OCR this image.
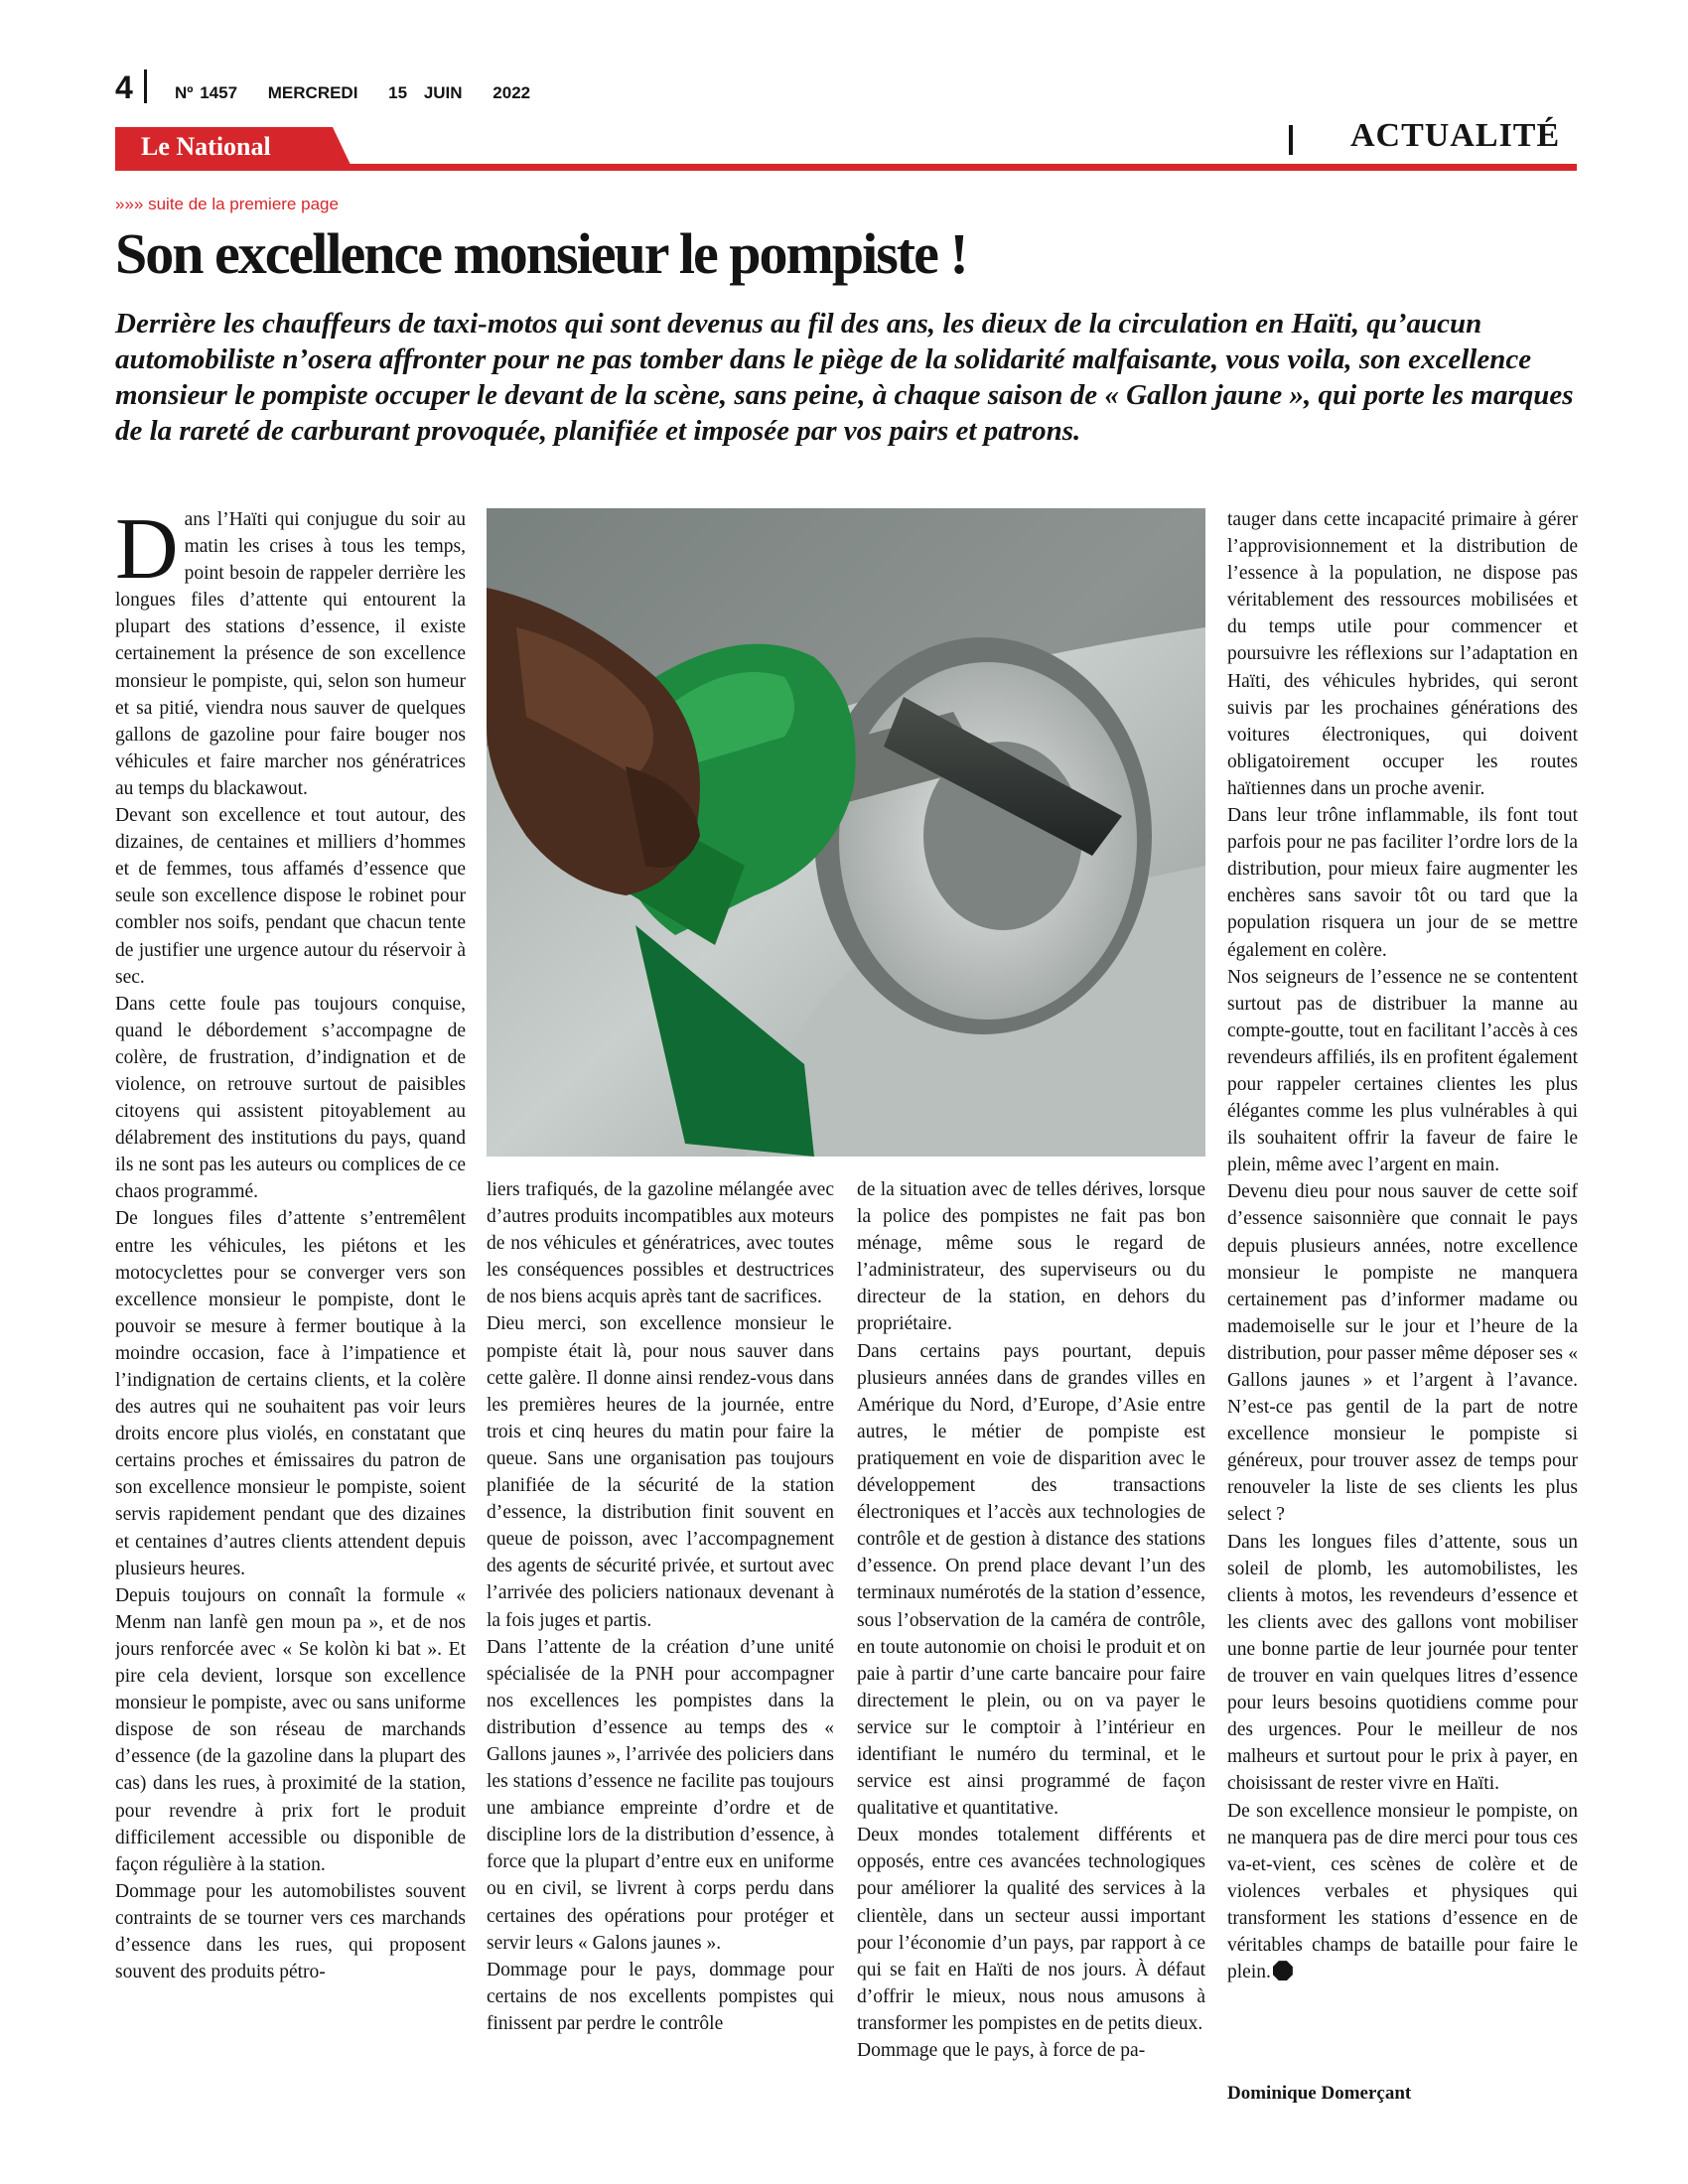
4 Nº 1457 MERCREDI 15 JUIN 2022
Le National	ACTUALITÉ
»»» suite de la premiere page
Son excellence monsieur le pompiste !

Derrière les chauffeurs de taxi-motos qui sont devenus au fil des ans, les dieux de la circulation en Haïti, qu’aucun automobiliste n’osera affronter pour ne pas tomber dans le piège de la solidarité malfaisante, vous voila, son excellence monsieur le pompiste occuper le devant de la scène, sans peine, à chaque saison de « Gallon jaune », qui porte les marques de la rareté de carburant provoquée, planifiée et imposée par vos pairs et patrons.

Dans l’Haïti qui conjugue du soir au matin les crises à tous les temps, point besoin de rappeler derrière les longues files d’attente qui entourent la plupart des stations d’essence, il existe certainement la présence de son excellence monsieur le pompiste, qui, selon son humeur et sa pitié, viendra nous sauver de quelques gallons de gazoline pour faire bouger nos véhicules et faire marcher nos génératrices au temps du blackawout.

Devant son excellence et tout autour, des dizaines, de centaines et milliers d’hommes et de femmes, tous affamés d’essence que seule son excellence dispose le robinet pour combler nos soifs, pendant que chacun tente de justifier une urgence autour du réservoir à sec.

Dans cette foule pas toujours conquise, quand le débordement s’accompagne de colère, de frustration, d’indignation et de violence, on retrouve surtout de paisibles citoyens qui assistent pitoyablement au délabrement des institutions du pays, quand ils ne sont pas les auteurs ou complices de ce chaos programmé.

De longues files d’attente s’entremêlent entre les véhicules, les piétons et les motocyclettes pour se converger vers son excellence monsieur le pompiste, dont le pouvoir se mesure à fermer boutique à la moindre occasion, face à l’impatience et l’indignation de certains clients, et la colère des autres qui ne souhaitent pas voir leurs droits encore plus violés, en constatant que certains proches et émissaires du patron de son excellence monsieur le pompiste, soient servis rapidement pendant que des dizaines et centaines d’autres clients attendent depuis plusieurs heures.

Depuis toujours on connaît la formule « Menm nan lanfè gen moun pa », et de nos jours renforcée avec « Se kolòn ki bat ». Et pire cela devient, lorsque son excellence monsieur le pompiste, avec ou sans uniforme dispose de son réseau de marchands d’essence (de la gazoline dans la plupart des cas) dans les rues, à proximité de la station, pour revendre à prix fort le produit difficilement accessible ou disponible de façon régulière à la station.

Dommage pour les automobilistes souvent contraints de se tourner vers ces marchands d’essence dans les rues, qui proposent souvent des produits pétro-

liers trafiqués, de la gazoline mélangée avec d’autres produits incompatibles aux moteurs de nos véhicules et génératrices, avec toutes les conséquences possibles et destructrices de nos biens acquis après tant de sacrifices.

Dieu merci, son excellence monsieur le pompiste était là, pour nous sauver dans cette galère. Il donne ainsi rendez-vous dans les premières heures de la journée, entre trois et cinq heures du matin pour faire la queue. Sans une organisation pas toujours planifiée de la sécurité de la station d’essence, la distribution finit souvent en queue de poisson, avec l’accompagnement des agents de sécurité privée, et surtout avec l’arrivée des policiers nationaux devenant à la fois juges et partis.

Dans l’attente de la création d’une unité spécialisée de la PNH pour accompagner nos excellences les pompistes dans la distribution d’essence au temps des « Gallons jaunes », l’arrivée des policiers dans les stations d’essence ne facilite pas toujours une ambiance empreinte d’ordre et de discipline lors de la distribution d’essence, à force que la plupart d’entre eux en uniforme ou en civil, se livrent à corps perdu dans certaines des opérations pour protéger et servir leurs « Galons jaunes ».

Dommage pour le pays, dommage pour certains de nos excellents pompistes qui finissent par perdre le contrôle

de la situation avec de telles dérives, lorsque la police des pompistes ne fait pas bon ménage, même sous le regard de l’administrateur, des superviseurs ou du directeur de la station, en dehors du propriétaire.

Dans certains pays pourtant, depuis plusieurs années dans de grandes villes en Amérique du Nord, d’Europe, d’Asie entre autres, le métier de pompiste est pratiquement en voie de disparition avec le développement des transactions électroniques et l’accès aux technologies de contrôle et de gestion à distance des stations d’essence. On prend place devant l’un des terminaux numérotés de la station d’essence, sous l’observation de la caméra de contrôle, en toute autonomie on choisi le produit et on paie à partir d’une carte bancaire pour faire directement le plein, ou on va payer le service sur le comptoir à l’intérieur en identifiant le numéro du terminal, et le service est ainsi programmé de façon qualitative et quantitative.

Deux mondes totalement différents et opposés, entre ces avancées technologiques pour améliorer la qualité des services à la clientèle, dans un secteur aussi important pour l’économie d’un pays, par rapport à ce qui se fait en Haïti de nos jours. À défaut d’offrir le mieux, nous nous amusons à transformer les pompistes en de petits dieux.

Dommage que le pays, à force de pa-

tauger dans cette incapacité primaire à gérer l’approvisionnement et la distribution de l’essence à la population, ne dispose pas véritablement des ressources mobilisées et du temps utile pour commencer et poursuivre les réflexions sur l’adaptation en Haïti, des véhicules hybrides, qui seront suivis par les prochaines générations des voitures électroniques, qui doivent obligatoirement occuper les routes haïtiennes dans un proche avenir.

Dans leur trône inflammable, ils font tout parfois pour ne pas faciliter l’ordre lors de la distribution, pour mieux faire augmenter les enchères sans savoir tôt ou tard que la population risquera un jour de se mettre également en colère.

Nos seigneurs de l’essence ne se contentent surtout pas de distribuer la manne au compte-goutte, tout en facilitant l’accès à ces revendeurs affiliés, ils en profitent également pour rappeler certaines clientes les plus élégantes comme les plus vulnérables à qui ils souhaitent offrir la faveur de faire le plein, même avec l’argent en main.

Devenu dieu pour nous sauver de cette soif d’essence saisonnière que connait le pays depuis plusieurs années, notre excellence monsieur le pompiste ne manquera certainement pas d’informer madame ou mademoiselle sur le jour et l’heure de la distribution, pour passer même déposer ses « Gallons jaunes » et l’argent à l’avance. N’est-ce pas gentil de la part de notre excellence monsieur le pompiste si généreux, pour trouver assez de temps pour renouveler la liste de ses clients les plus select ?

Dans les longues files d’attente, sous un soleil de plomb, les automobilistes, les clients à motos, les revendeurs d’essence et les clients avec des gallons vont mobiliser une bonne partie de leur journée pour tenter de trouver en vain quelques litres d’essence pour leurs besoins quotidiens comme pour des urgences. Pour le meilleur de nos malheurs et surtout pour le prix à payer, en choisissant de rester vivre en Haïti.

De son excellence monsieur le pompiste, on ne manquera pas de dire merci pour tous ces va-et-vient, ces scènes de colère et de violences verbales et physiques qui transforment les stations d’essence en de véritables champs de bataille pour faire le plein.

Dominique Domerçant
